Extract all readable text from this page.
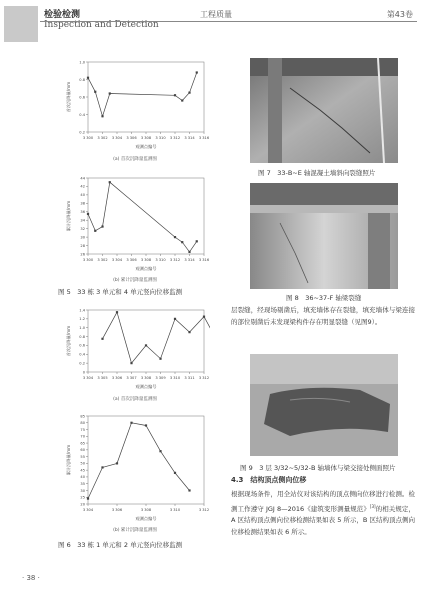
检验检测
Inspection and Detection
工程质量	第43卷
3 300 3 302 3 304 3 306 3 308 3 310 3 312 3 314 3 316
0.2
0.4
0.6
0.8
1.0
观测点编号
首次沉降量/mm
(a) 首次沉降量监测图
3 300 3 302 3 304 3 306 3 308 3 310 3 312 3 314 3 316
26
28
30
32
34
36
38
40
42
44
观测点编号
累计沉降量/mm
(b) 累计沉降量监测图
图 5　33 栋 3 单元和 4 单元竖向位移监测
3 304 3 305 3 306 3 307 3 308 3 309 3 310 3 311 3 312
0
0.2
0.4
0.6
0.8
1.0
1.2
1.4
观测点编号
首次沉降量/mm
(a) 首次沉降量监测图
3 304	3 306	3 308	3 310	3 312
20
25
30
35
40
45
50
55
60
65
70
75
80
85
观测点编号
累计沉降量/mm
(b) 累计沉降量监测图
图 6　33 栋 1 单元和 2 单元竖向位移监测
图 7　33-B~E 轴混凝土墙斜向裂缝照片
图 8　36~37-F 轴梁裂缝

层裂缝，经现场剔凿后，填充墙体存在裂缝，填充墙体与梁连接的部位剔凿后未发现梁构件存在明显裂缝（见图9）。

图 9　3 层 3/32~5/32-B 轴墙体与梁交接处侧面照片
4.3　结构顶点侧向位移

根据现场条件，用全站仪对该结构的顶点侧向位移进行检测。检测工作遵守 JGJ 8—2016《建筑变形测量规范》[3]的相关规定，A 区结构顶点侧向位移检测结果如表 5 所示，B 区结构顶点侧向位移检测结果如表 6 所示。

· 38 ·
